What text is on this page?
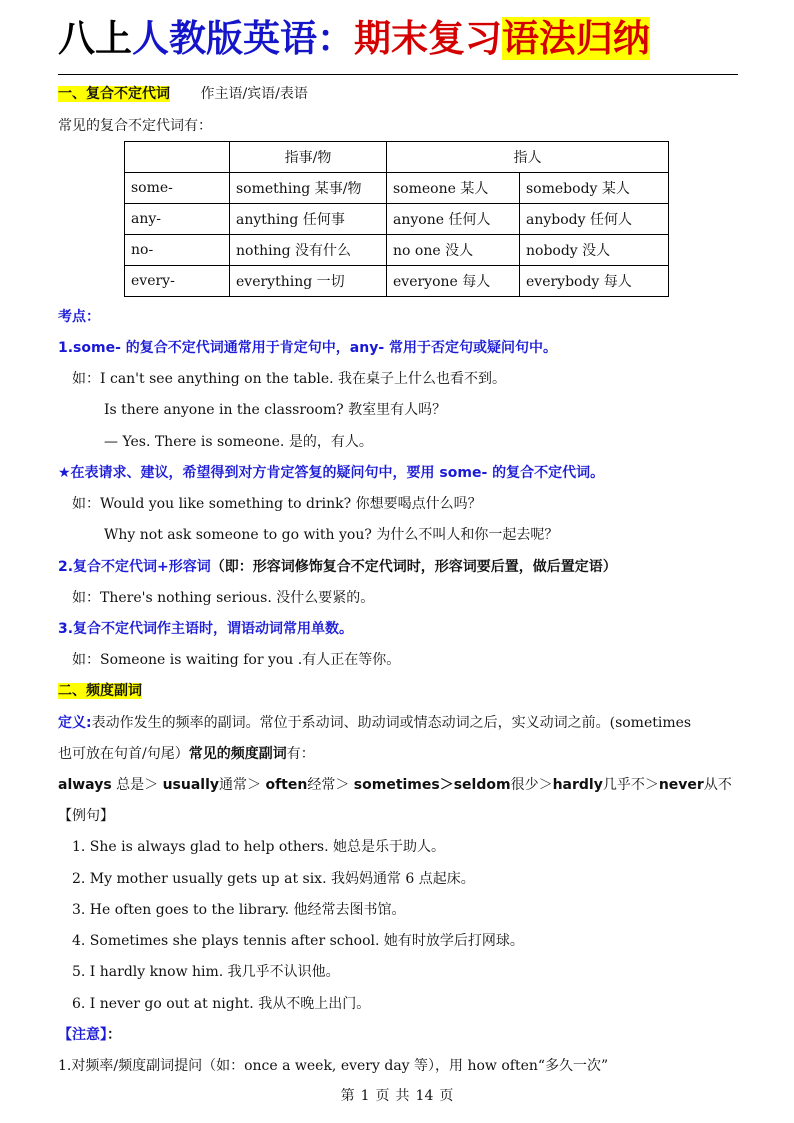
八上人教版英语：期末复习语法归纳
一、复合不定代词 作主语/宾语/表语
常见的复合不定代词有：
	指事/物	指人	
some-	something 某事/物	someone 某人	somebody 某人
any-	anything 任何事	anyone 任何人	anybody 任何人
no-	nothing 没有什么	no one 没人	nobody 没人
every-	everything 一切	everyone 每人	everybody 每人
考点：
1.some- 的复合不定代词通常用于肯定句中，any- 常用于否定句或疑问句中。
如：I can't see anything on the table. 我在桌子上什么也看不到。
Is there anyone in the classroom? 教室里有人吗？
— Yes. There is someone. 是的，有人。
★在表请求、建议，希望得到对方肯定答复的疑问句中，要用 some- 的复合不定代词。
如：Would you like something to drink? 你想要喝点什么吗？
Why not ask someone to go with you? 为什么不叫人和你一起去呢？
2.复合不定代词+形容词（即：形容词修饰复合不定代词时，形容词要后置，做后置定语）
如：There's nothing serious. 没什么要紧的。
3.复合不定代词作主语时，谓语动词常用单数。
如：Someone is waiting for you .有人正在等你。
二、频度副词
定义:表动作发生的频率的副词。常位于系动词、助动词或情态动词之后，实义动词之前。(sometimes
也可放在句首/句尾）常见的频度副词有：
always 总是＞ usually通常＞ often经常＞ sometimes＞seldom很少＞hardly几乎不＞never从不
【例句】
1. She is always glad to help others. 她总是乐于助人。
2. My mother usually gets up at six. 我妈妈通常 6 点起床。
3. He often goes to the library. 他经常去图书馆。
4. Sometimes she plays tennis after school. 她有时放学后打网球。
5. I hardly know him. 我几乎不认识他。
6. I never go out at night. 我从不晚上出门。
【注意】：
1.对频率/频度副词提问（如：once a week, every day 等），用 how often“多久一次”
第 1 页 共 14 页
